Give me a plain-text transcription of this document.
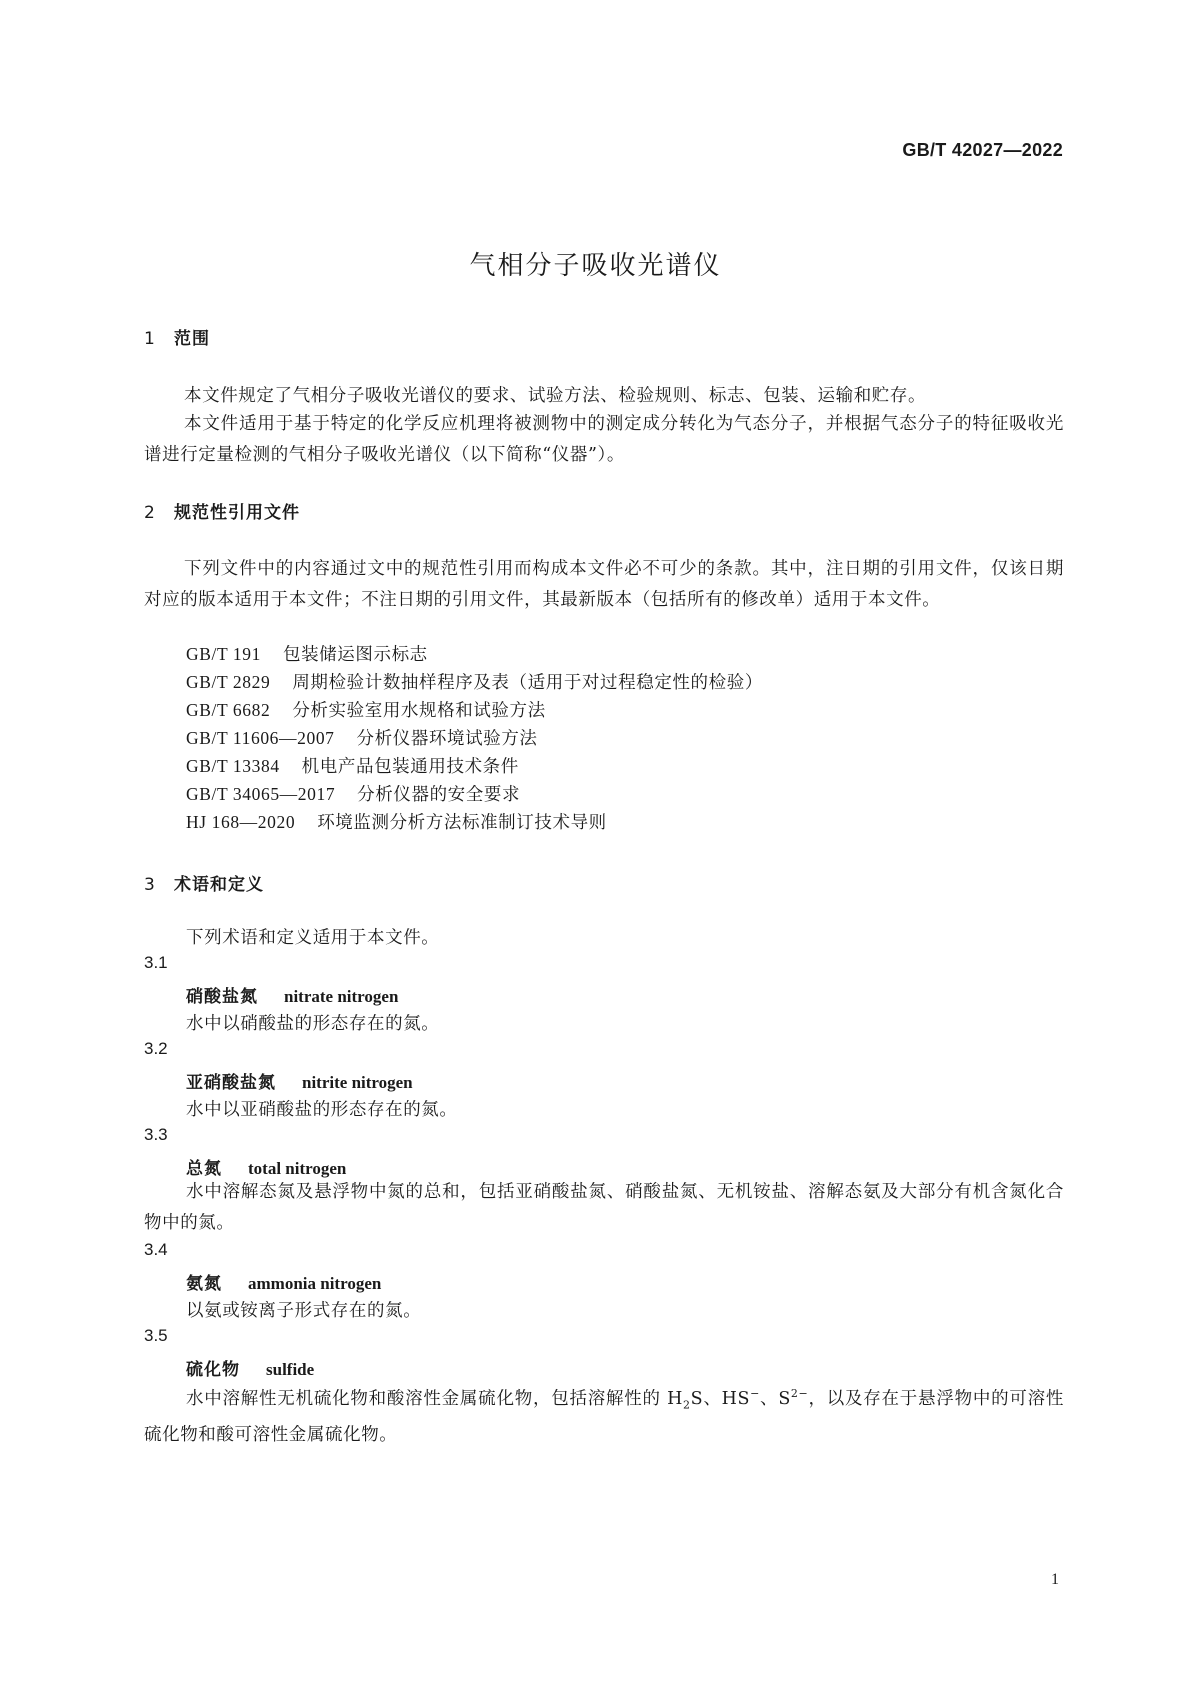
GB/T 42027—2022
气相分子吸收光谱仪
1 范围
本文件规定了气相分子吸收光谱仪的要求、试验方法、检验规则、标志、包装、运输和贮存。
本文件适用于基于特定的化学反应机理将被测物中的测定成分转化为气态分子，并根据气态分子的特征吸收光谱进行定量检测的气相分子吸收光谱仪（以下简称“仪器”）。
2 规范性引用文件
下列文件中的内容通过文中的规范性引用而构成本文件必不可少的条款。其中，注日期的引用文件，仅该日期对应的版本适用于本文件；不注日期的引用文件，其最新版本（包括所有的修改单）适用于本文件。
GB/T 191 包装储运图示标志
GB/T 2829 周期检验计数抽样程序及表（适用于对过程稳定性的检验）
GB/T 6682 分析实验室用水规格和试验方法
GB/T 11606—2007 分析仪器环境试验方法
GB/T 13384 机电产品包装通用技术条件
GB/T 34065—2017 分析仪器的安全要求
HJ 168—2020 环境监测分析方法标准制订技术导则
3 术语和定义
下列术语和定义适用于本文件。
3.1
硝酸盐氮 nitrate nitrogen
水中以硝酸盐的形态存在的氮。
3.2
亚硝酸盐氮 nitrite nitrogen
水中以亚硝酸盐的形态存在的氮。
3.3
总氮 total nitrogen
水中溶解态氮及悬浮物中氮的总和，包括亚硝酸盐氮、硝酸盐氮、无机铵盐、溶解态氨及大部分有机含氮化合物中的氮。
3.4
氨氮 ammonia nitrogen
以氨或铵离子形式存在的氮。
3.5
硫化物 sulfide
水中溶解性无机硫化物和酸溶性金属硫化物，包括溶解性的 $H_2S$、HS−、$S^{2-}$，以及存在于悬浮物中的可溶性硫化物和酸可溶性金属硫化物。
1
